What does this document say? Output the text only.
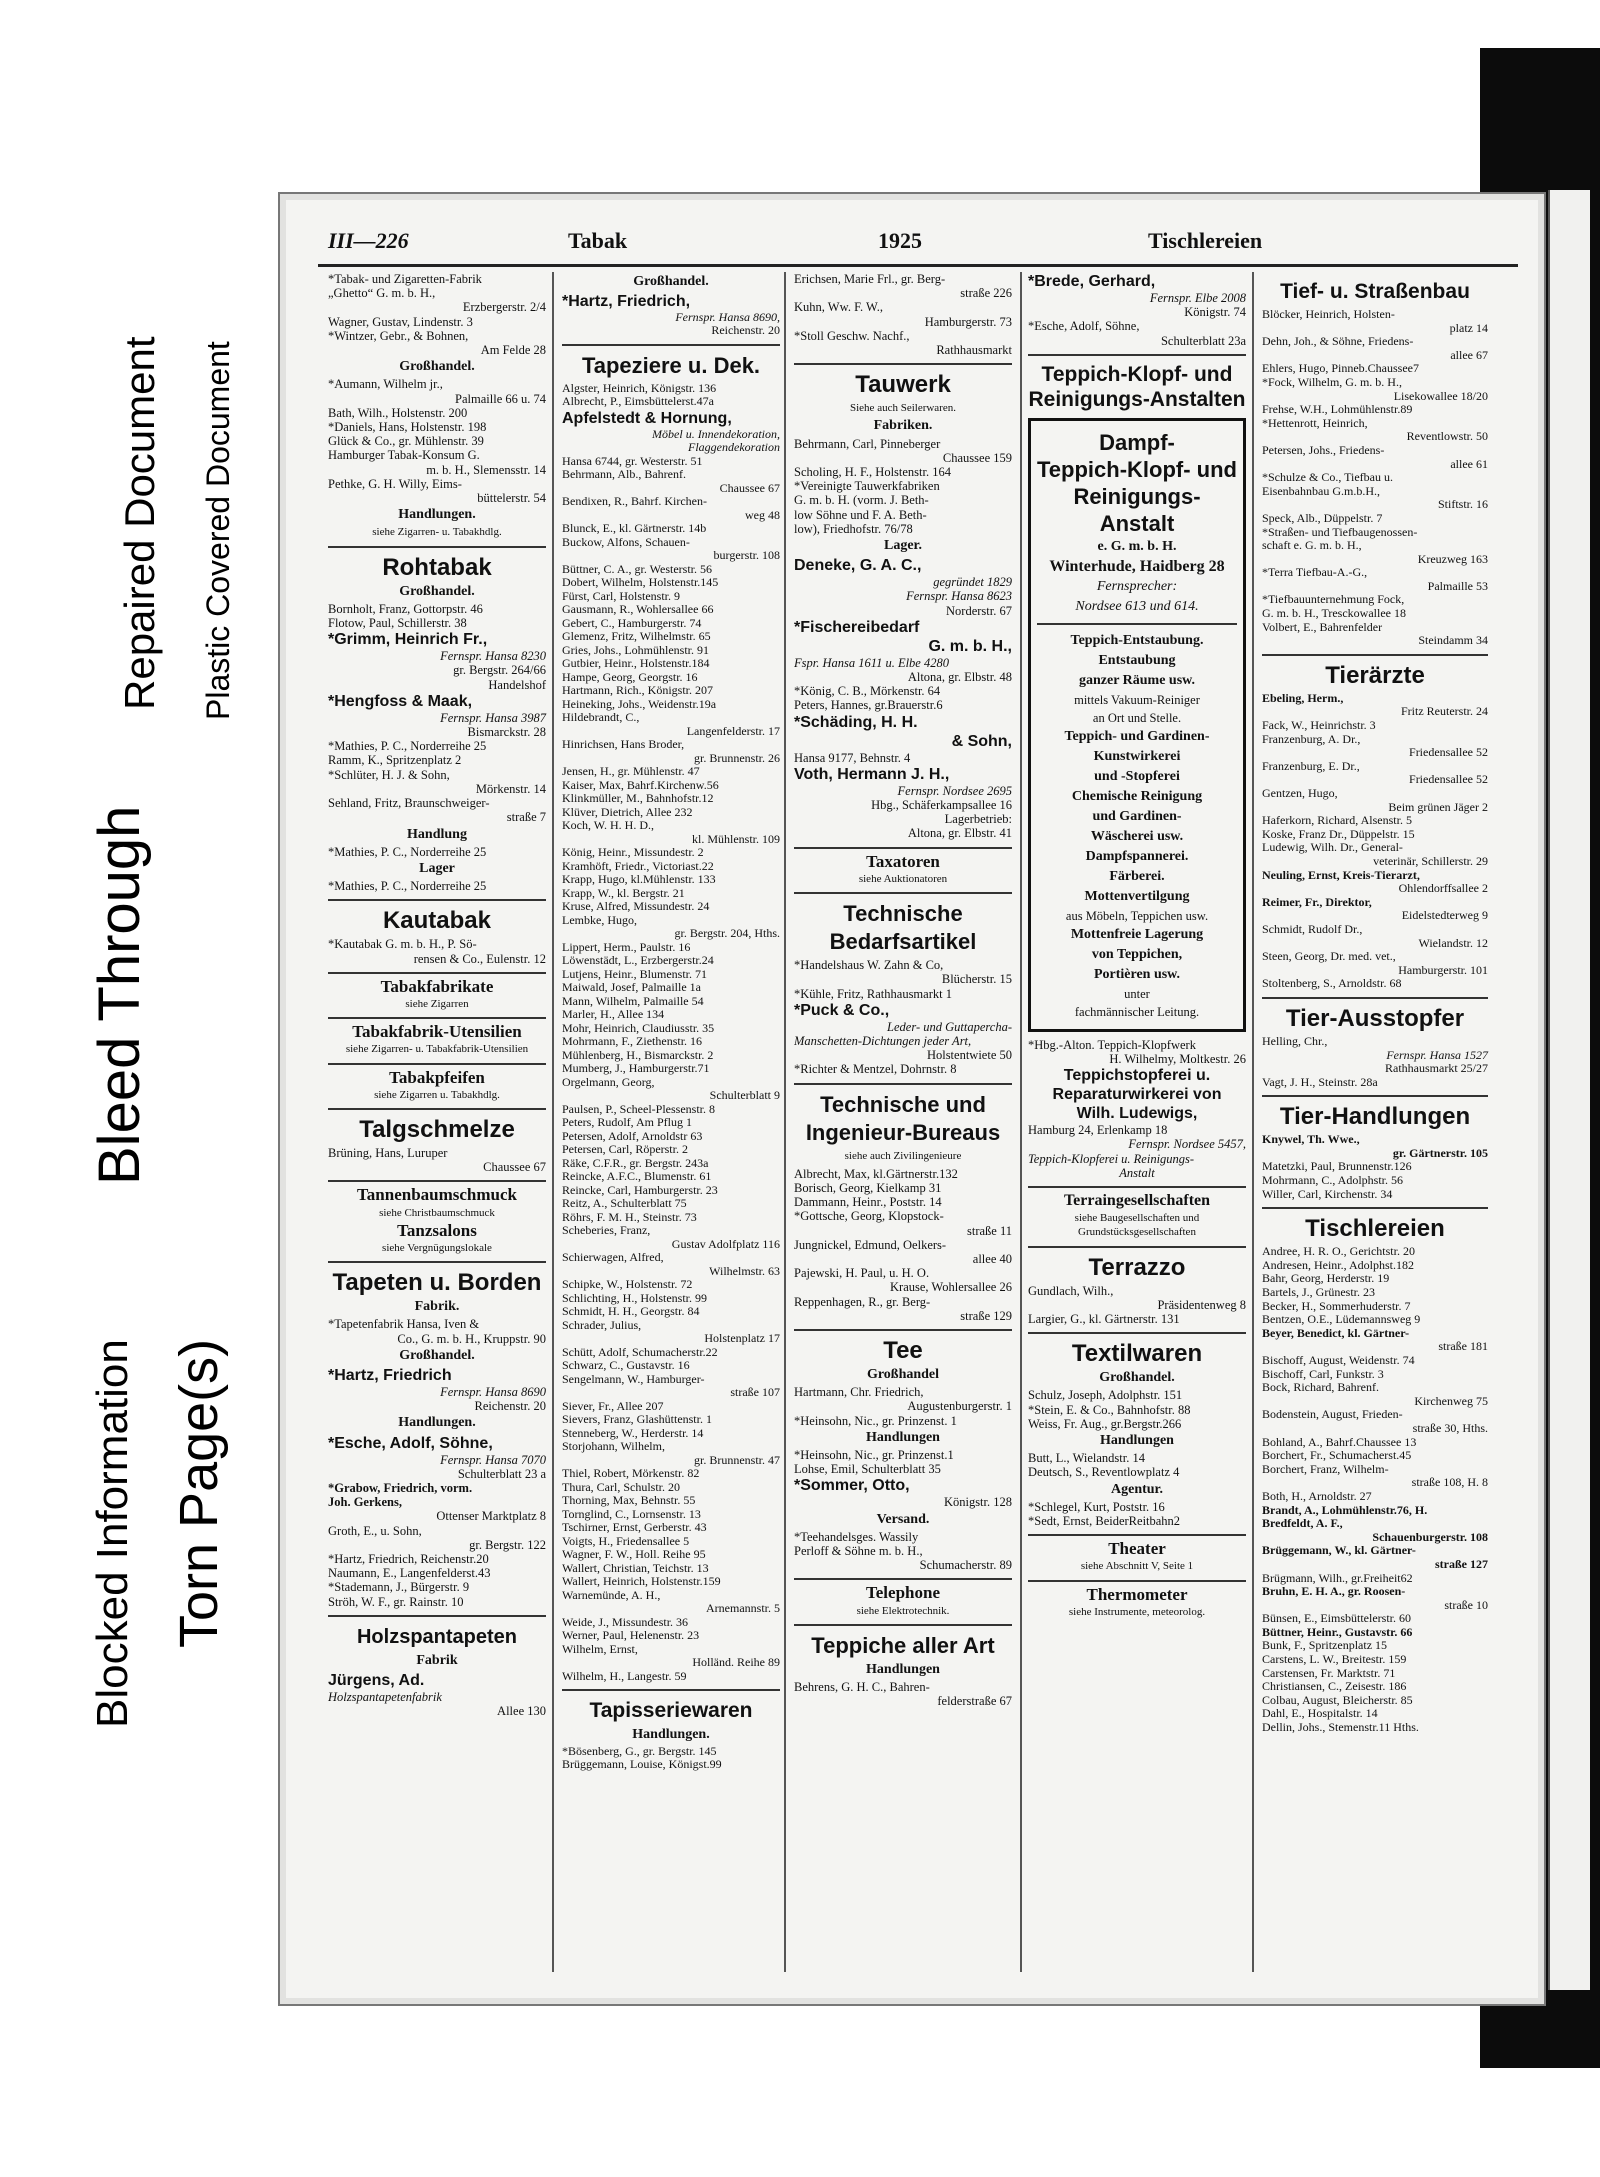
Repaired Document Plastic Covered Document
Bleed Through
Blocked Information Torn Page(s)
III—226	Tabak	1925	Tischlereien
*Tabak- und Zigaretten-Fabrik
„Ghetto“ G. m. b. H.,
Erzbergerstr. 2/4
Wagner, Gustav, Lindenstr. 3
*Wintzer, Gebr., & Bohnen,
Am Felde 28
Großhandel.
*Aumann, Wilhelm jr.,
Palmaille 66 u. 74
Bath, Wilh., Holstenstr. 200
*Daniels, Hans, Holstenstr. 198
Glück & Co., gr. Mühlenstr. 39
Hamburger Tabak-Konsum G.
m. b. H., Slemensstr. 14
Pethke, G. H. Willy, Eims-
büttelerstr. 54
Handlungen.
siehe Zigarren- u. Tabakhdlg.
Rohtabak
Großhandel.
Bornholt, Franz, Gottorpstr. 46
Flotow, Paul, Schillerstr. 38
*Grimm, Heinrich Fr.,
Fernspr. Hansa 8230
gr. Bergstr. 264/66
Handelshof
*Hengfoss & Maak,
Fernspr. Hansa 3987
Bismarckstr. 28
*Mathies, P. C., Norderreihe 25
Ramm, K., Spritzenplatz 2
*Schlüter, H. J. & Sohn,
Mörkenstr. 14
Sehland, Fritz, Braunschweiger-
straße 7
Handlung
*Mathies, P. C., Norderreihe 25
Lager
*Mathies, P. C., Norderreihe 25
Kautabak
*Kautabak G. m. b. H., P. Sö-
rensen & Co., Eulenstr. 12
Tabakfabrikate
siehe Zigarren
Tabakfabrik-Utensilien
siehe Zigarren- u. Tabakfabrik-Utensilien
Tabakpfeifen
siehe Zigarren u. Tabakhdlg.
Talgschmelze
Brüning, Hans, Luruper
Chaussee 67
Tannenbaumschmuck
siehe Christbaumschmuck
Tanzsalons
siehe Vergnügungslokale
Tapeten u. Borden
Fabrik.
*Tapetenfabrik Hansa, Iven &
Co., G. m. b. H., Kruppstr. 90
Großhandel.
*Hartz, Friedrich
Fernspr. Hansa 8690
Reichenstr. 20
Handlungen.
*Esche, Adolf, Söhne,
Fernspr. Hansa 7070
Schulterblatt 23 a
*Grabow, Friedrich, vorm.
Joh. Gerkens,
Ottenser Marktplatz 8
Groth, E., u. Sohn,
gr. Bergstr. 122
*Hartz, Friedrich, Reichenstr.20
Naumann, E., Langenfelderst.43
*Stademann, J., Bürgerstr. 9
Ströh, W. F., gr. Rainstr. 10
Holzspantapeten
Fabrik
Jürgens, Ad.
Holzspantapetenfabrik
Allee 130
Großhandel.
*Hartz, Friedrich,
Fernspr. Hansa 8690,
Reichenstr. 20
Tapeziere u. Dek.
Algster, Heinrich, Königstr. 136
Albrecht, P., Eimsbüttelerst.47a
Apfelstedt & Hornung,
Möbel u. Innendekoration,
Flaggendekoration
Hansa 6744, gr. Westerstr. 51
Behrmann, Alb., Bahrenf.
Chaussee 67
Bendixen, R., Bahrf. Kirchen-
weg 48
Blunck, E., kl. Gärtnerstr. 14b
Buckow, Alfons, Schauen-
burgerstr. 108
Büttner, C. A., gr. Westerstr. 56
Dobert, Wilhelm, Holstenstr.145
Fürst, Carl, Holstenstr. 9
Gausmann, R., Wohlersallee 66
Gebert, C., Hamburgerstr. 74
Glemenz, Fritz, Wilhelmstr. 65
Gries, Johs., Lohmühlenstr. 91
Gutbier, Heinr., Holstenstr.184
Hampe, Georg, Georgstr. 16
Hartmann, Rich., Königstr. 207
Heineking, Johs., Weidenstr.19a
Hildebrandt, C.,
Langenfelderstr. 17
Hinrichsen, Hans Broder,
gr. Brunnenstr. 26
Jensen, H., gr. Mühlenstr. 47
Kaiser, Max, Bahrf.Kirchenw.56
Klinkmüller, M., Bahnhofstr.12
Klüver, Dietrich, Allee 232
Koch, W. H. H. D.,
kl. Mühlenstr. 109
König, Heinr., Missundestr. 2
Kramhöft, Friedr., Victoriast.22
Krapp, Hugo, kl.Mühlenstr. 133
Krapp, W., kl. Bergstr. 21
Kruse, Alfred, Missundestr. 24
Lembke, Hugo,
gr. Bergstr. 204, Hths.
Lippert, Herm., Paulstr. 16
Löwenstädt, L., Erzbergerstr.24
Lutjens, Heinr., Blumenstr. 71
Maiwald, Josef, Palmaille 1a
Mann, Wilhelm, Palmaille 54
Marler, H., Allee 134
Mohr, Heinrich, Claudiusstr. 35
Mohrmann, F., Ziethenstr. 16
Mühlenberg, H., Bismarckstr. 2
Mumberg, J., Hamburgerstr.71
Orgelmann, Georg,
Schulterblatt 9
Paulsen, P., Scheel-Plessenstr. 8
Peters, Rudolf, Am Pflug 1
Petersen, Adolf, Arnoldstr 63
Petersen, Carl, Röperstr. 2
Räke, C.F.R., gr. Bergstr. 243a
Reincke, A.F.C., Blumenstr. 61
Reincke, Carl, Hamburgerstr. 23
Reitz, A., Schulterblatt 75
Röhrs, F. M. H., Steinstr. 73
Scheberies, Franz,
Gustav Adolfplatz 116
Schierwagen, Alfred,
Wilhelmstr. 63
Schipke, W., Holstenstr. 72
Schlichting, H., Holstenstr. 99
Schmidt, H. H., Georgstr. 84
Schrader, Julius,
Holstenplatz 17
Schütt, Adolf, Schumacherstr.22
Schwarz, C., Gustavstr. 16
Sengelmann, W., Hamburger-
straße 107
Siever, Fr., Allee 207
Sievers, Franz, Glashüttenstr. 1
Stenneberg, W., Herderstr. 14
Storjohann, Wilhelm,
gr. Brunnenstr. 47
Thiel, Robert, Mörkenstr. 82
Thura, Carl, Schulstr. 20
Thorning, Max, Behnstr. 55
Tornglind, C., Lornsenstr. 13
Tschirner, Ernst, Gerberstr. 43
Voigts, H., Friedensallee 5
Wagner, F. W., Holl. Reihe 95
Wallert, Christian, Teichstr. 13
Wallert, Heinrich, Holstenstr.159
Warnemünde, A. H.,
Arnemannstr. 5
Weide, J., Missundestr. 36
Werner, Paul, Helenenstr. 23
Wilhelm, Ernst,
Holländ. Reihe 89
Wilhelm, H., Langestr. 59
Tapisseriewaren
Handlungen.
*Bösenberg, G., gr. Bergstr. 145
Brüggemann, Louise, Königst.99
Erichsen, Marie Frl., gr. Berg-
straße 226
Kuhn, Ww. F. W.,
Hamburgerstr. 73
*Stoll Geschw. Nachf.,
Rathhausmarkt
Tauwerk
Siehe auch Seilerwaren.
Fabriken.
Behrmann, Carl, Pinneberger
Chaussee 159
Scholing, H. F., Holstenstr. 164
*Vereinigte Tauwerkfabriken
G. m. b. H. (vorm. J. Beth-
low Söhne und F. A. Beth-
low), Friedhofstr. 76/78
Lager.
Deneke, G. A. C.,
gegründet 1829
Fernspr. Hansa 8623
Norderstr. 67
*Fischereibedarf
G. m. b. H.,
Fspr. Hansa 1611 u. Elbe 4280
Altona, gr. Elbstr. 48
*König, C. B., Mörkenstr. 64
Peters, Hannes, gr.Brauerstr.6
*Schäding, H. H.
& Sohn,
Hansa 9177, Behnstr. 4
Voth, Hermann J. H.,
Fernspr. Nordsee 2695
Hbg., Schäferkampsallee 16
Lagerbetrieb:
Altona, gr. Elbstr. 41
Taxatoren
siehe Auktionatoren
Technische Bedarfsartikel
*Handelshaus W. Zahn & Co,
Blücherstr. 15
*Kühle, Fritz, Rathhausmarkt 1
*Puck & Co.,
Leder- und Guttapercha-
Manschetten-Dichtungen jeder Art,
Holstentwiete 50
*Richter & Mentzel, Dohrnstr. 8
Technische und Ingenieur-Bureaus
siehe auch Zivilingenieure
Albrecht, Max, kl.Gärtnerstr.132
Borisch, Georg, Kielkamp 31
Dammann, Heinr., Poststr. 14
*Gottsche, Georg, Klopstock-
straße 11
Jungnickel, Edmund, Oelkers-
allee 40
Pajewski, H. Paul, u. H. O.
Krause, Wohlersallee 26
Reppenhagen, R., gr. Berg-
straße 129
Tee
Großhandel
Hartmann, Chr. Friedrich,
Augustenburgerstr. 1
*Heinsohn, Nic., gr. Prinzenst. 1
Handlungen
*Heinsohn, Nic., gr. Prinzenst.1
Lohse, Emil, Schulterblatt 35
*Sommer, Otto,
Königstr. 128
Versand.
*Teehandelsges. Wassily
Perloff & Söhne m. b. H.,
Schumacherstr. 89
Telephone
siehe Elektrotechnik.
Teppiche aller Art
Handlungen
Behrens, G. H. C., Bahren-
felderstraße 67
*Brede, Gerhard,
Fernspr. Elbe 2008
Königstr. 74
*Esche, Adolf, Söhne,
Schulterblatt 23a
Teppich-Klopf- und Reinigungs-Anstalten
Dampf-
Teppich-Klopf- und
Reinigungs-Anstalt
e. G. m. b. H.
Winterhude, Haidberg 28
Fernsprecher:
Nordsee 613 und 614.
Teppich-Entstaubung.
Entstaubung
ganzer Räume usw.
mittels Vakuum-Reiniger
an Ort und Stelle.
Teppich- und Gardinen-
Kunstwirkerei
und -Stopferei
Chemische Reinigung
und Gardinen-
Wäscherei usw.
Dampfspannerei.
Färberei.
Mottenvertilgung
aus Möbeln, Teppichen usw.
Mottenfreie Lagerung
von Teppichen,
Portièren usw.
unter
fachmännischer Leitung.
*Hbg.-Alton. Teppich-Klopfwerk
H. Wilhelmy, Moltkestr. 26
Teppichstopferei u.
Reparaturwirkerei von
Wilh. Ludewigs,
Hamburg 24, Erlenkamp 18
Fernspr. Nordsee 5457,
Teppich-Klopferei u. Reinigungs-
Anstalt
Terraingesellschaften
siehe Baugesellschaften und Grundstücksgesellschaften
Terrazzo
Gundlach, Wilh.,
Präsidentenweg 8
Largier, G., kl. Gärtnerstr. 131
Textilwaren
Großhandel.
Schulz, Joseph, Adolphstr. 151
*Stein, E. & Co., Bahnhofstr. 88
Weiss, Fr. Aug., gr.Bergstr.266
Handlungen
Butt, L., Wielandstr. 14
Deutsch, S., Reventlowplatz 4
Agentur.
*Schlegel, Kurt, Poststr. 16
*Sedt, Ernst, BeiderReitbahn2
Theater
siehe Abschnitt V, Seite 1
Thermometer
siehe Instrumente, meteorolog.
Tief- u. Straßenbau
Blöcker, Heinrich, Holsten-
platz 14
Dehn, Joh., & Söhne, Friedens-
allee 67
Ehlers, Hugo, Pinneb.Chaussee7
*Fock, Wilhelm, G. m. b. H.,
Lisekowallee 18/20
Frehse, W.H., Lohmühlenstr.89
*Hettenrott, Heinrich,
Reventlowstr. 50
Petersen, Johs., Friedens-
allee 61
*Schulze & Co., Tiefbau u.
Eisenbahnbau G.m.b.H.,
Stiftstr. 16
Speck, Alb., Düppelstr. 7
*Straßen- und Tiefbaugenossen-
schaft e. G. m. b. H.,
Kreuzweg 163
*Terra Tiefbau-A.-G.,
Palmaille 53
*Tiefbauunternehmung Fock,
G. m. b. H., Tresckowallee 18
Volbert, E., Bahrenfelder
Steindamm 34
Tierärzte
Ebeling, Herm.,
Fritz Reuterstr. 24
Fack, W., Heinrichstr. 3
Franzenburg, A. Dr.,
Friedensallee 52
Franzenburg, E. Dr.,
Friedensallee 52
Gentzen, Hugo,
Beim grünen Jäger 2
Haferkorn, Richard, Alsenstr. 5
Koske, Franz Dr., Düppelstr. 15
Ludewig, Wilh. Dr., General-
veterinär, Schillerstr. 29
Neuling, Ernst, Kreis-Tierarzt,
Ohlendorffsallee 2
Reimer, Fr., Direktor,
Eidelstedterweg 9
Schmidt, Rudolf Dr.,
Wielandstr. 12
Steen, Georg, Dr. med. vet.,
Hamburgerstr. 101
Stoltenberg, S., Arnoldstr. 68
Tier-Ausstopfer
Helling, Chr.,
Fernspr. Hansa 1527
Rathhausmarkt 25/27
Vagt, J. H., Steinstr. 28a
Tier-Handlungen
Knywel, Th. Wwe.,
gr. Gärtnerstr. 105
Matetzki, Paul, Brunnenstr.126
Mohrmann, C., Adolphstr. 56
Willer, Carl, Kirchenstr. 34
Tischlereien
Andree, H. R. O., Gerichtstr. 20
Andresen, Heinr., Adolphst.182
Bahr, Georg, Herderstr. 19
Bartels, J., Grünestr. 23
Becker, H., Sommerhuderstr. 7
Bentzen, O.E., Lüdemannsweg 9
Beyer, Benedict, kl. Gärtner-
straße 181
Bischoff, August, Weidenstr. 74
Bischoff, Carl, Funkstr. 3
Bock, Richard, Bahrenf.
Kirchenweg 75
Bodenstein, August, Frieden-
straße 30, Hths.
Bohland, A., Bahrf.Chaussee 13
Borchert, Fr., Schumacherst.45
Borchert, Franz, Wilhelm-
straße 108, H. 8
Both, H., Arnoldstr. 27
Brandt, A., Lohmühlenstr.76, H.
Bredfeldt, A. F.,
Schauenburgerstr. 108
Brüggemann, W., kl. Gärtner-
straße 127
Brügmann, Wilh., gr.Freiheit62
Bruhn, E. H. A., gr. Roosen-
straße 10
Bünsen, E., Eimsbüttelerstr. 60
Büttner, Heinr., Gustavstr. 66
Bunk, F., Spritzenplatz 15
Carstens, L. W., Breitestr. 159
Carstensen, Fr. Marktstr. 71
Christiansen, C., Zeisestr. 186
Colbau, August, Bleicherstr. 85
Dahl, E., Hospitalstr. 14
Dellin, Johs., Stemenstr.11 Hths.
